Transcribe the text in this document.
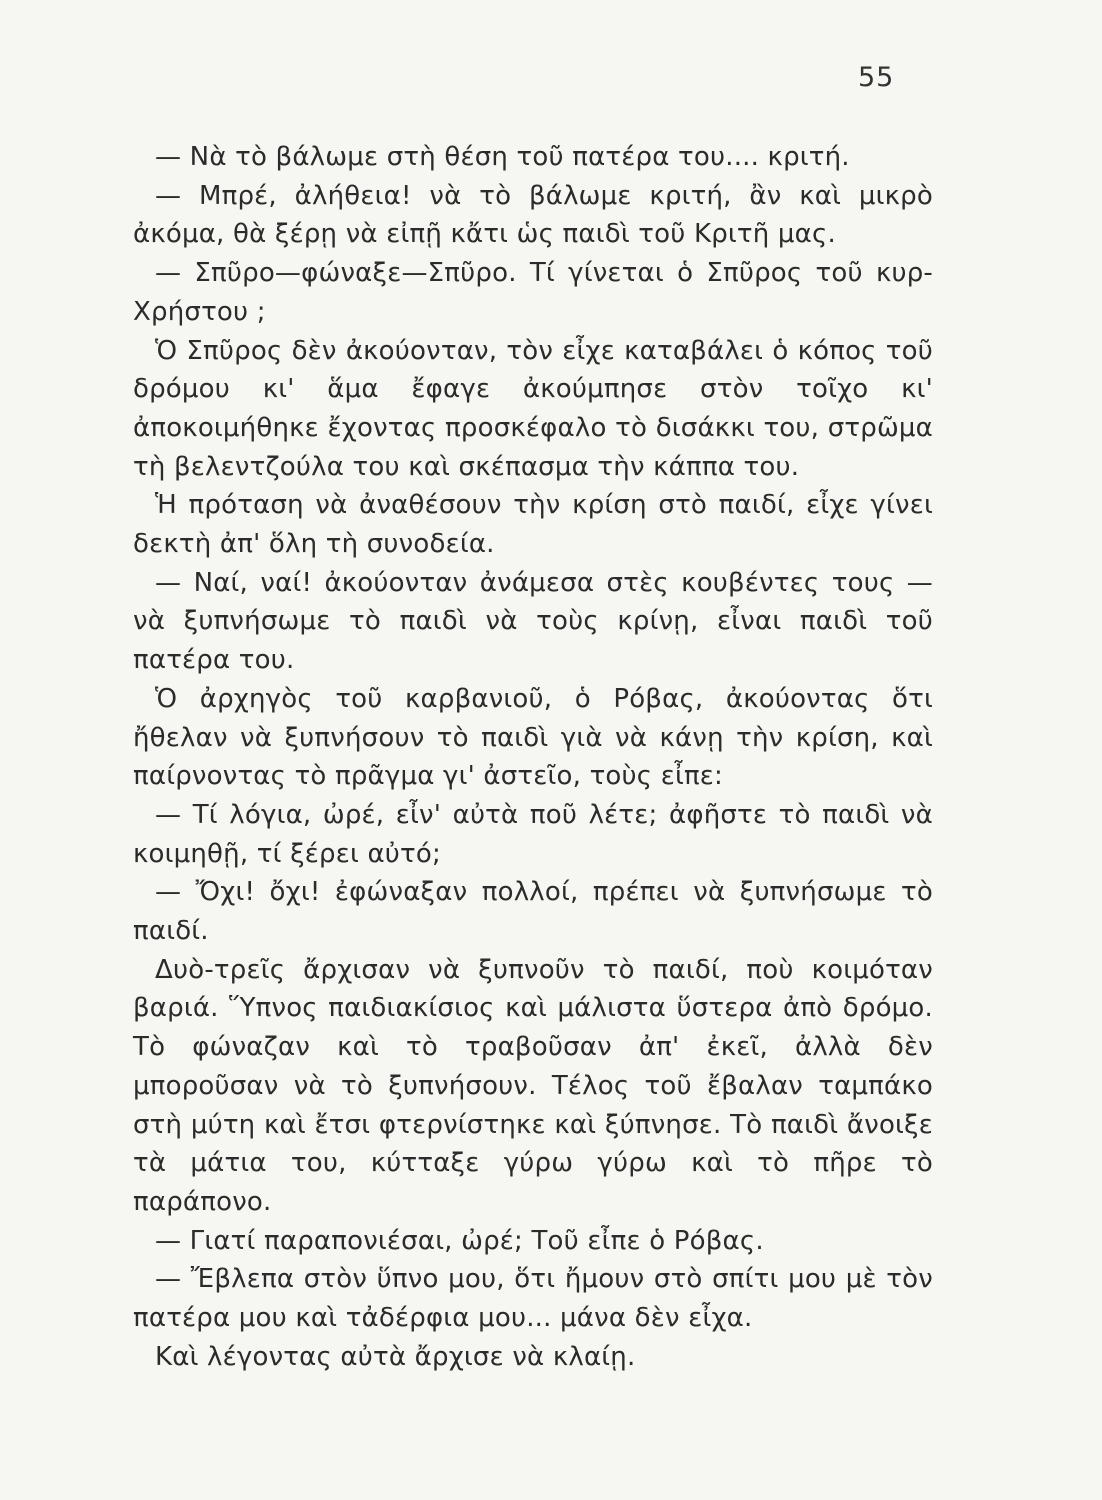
55

— Νὰ τὸ βάλωμε στὴ θέση τοῦ πατέρα του.... κριτή.

— Μπρέ, ἀλήθεια! νὰ τὸ βάλωμε κριτή, ἂν καὶ μικρὸ ἀκόμα, θὰ ξέρῃ νὰ εἰπῇ κἄτι ὡς παιδὶ τοῦ Κριτῆ μας.

— Σπῦρο—φώναξε—Σπῦρο. Τί γίνεται ὁ Σπῦρος τοῦ κυρ-Χρήστου ;

Ὁ Σπῦρος δὲν ἀκούονταν, τὸν εἶχε καταβάλει ὁ κόπος τοῦ δρόμου κι' ἅμα ἔφαγε ἀκούμπησε στὸν τοῖχο κι' ἀποκοιμήθηκε ἔχοντας προσκέφαλο τὸ δισάκκι του, στρῶμα τὴ βελεντζούλα του καὶ σκέπασμα τὴν κάππα του.

Ἡ πρόταση νὰ ἀναθέσουν τὴν κρίση στὸ παιδί, εἶχε γίνει δεκτὴ ἀπ' ὅλη τὴ συνοδεία.

— Ναί, ναί! ἀκούονταν ἀνάμεσα στὲς κουβέντες τους —νὰ ξυπνήσωμε τὸ παιδὶ νὰ τοὺς κρίνῃ, εἶναι παιδὶ τοῦ πατέρα του.

Ὁ ἀρχηγὸς τοῦ καρβανιοῦ, ὁ Ρόβας, ἀκούοντας ὅτι ἤθελαν νὰ ξυπνήσουν τὸ παιδὶ γιὰ νὰ κάνῃ τὴν κρίση, καὶ παίρνοντας τὸ πρᾶγμα γι' ἀστεῖο, τοὺς εἶπε:

— Τί λόγια, ὠρέ, εἶν' αὐτὰ ποῦ λέτε; ἀφῆστε τὸ παιδὶ νὰ κοιμηθῇ, τί ξέρει αὐτό;

— Ὄχι! ὄχι! ἐφώναξαν πολλοί, πρέπει νὰ ξυπνήσωμε τὸ παιδί.

Δυὸ-τρεῖς ἄρχισαν νὰ ξυπνοῦν τὸ παιδί, ποὺ κοιμόταν βαριά. Ὕπνος παιδιακίσιος καὶ μάλιστα ὕστερα ἀπὸ δρόμο. Τὸ φώναζαν καὶ τὸ τραβοῦσαν ἀπ' ἐκεῖ, ἀλλὰ δὲν μποροῦσαν νὰ τὸ ξυπνήσουν. Τέλος τοῦ ἔβαλαν ταμπάκο στὴ μύτη καὶ ἔτσι φτερνίστηκε καὶ ξύπνησε. Τὸ παιδὶ ἄνοιξε τὰ μάτια του, κύτταξε γύρω γύρω καὶ τὸ πῆρε τὸ παράπονο.

— Γιατί παραπονιέσαι, ὠρέ; Τοῦ εἶπε ὁ Ρόβας.

— Ἔβλεπα στὸν ὕπνο μου, ὅτι ἤμουν στὸ σπίτι μου μὲ τὸν πατέρα μου καὶ τἀδέρφια μου... μάνα δὲν εἶχα.

Καὶ λέγοντας αὐτὰ ἄρχισε νὰ κλαίῃ.
